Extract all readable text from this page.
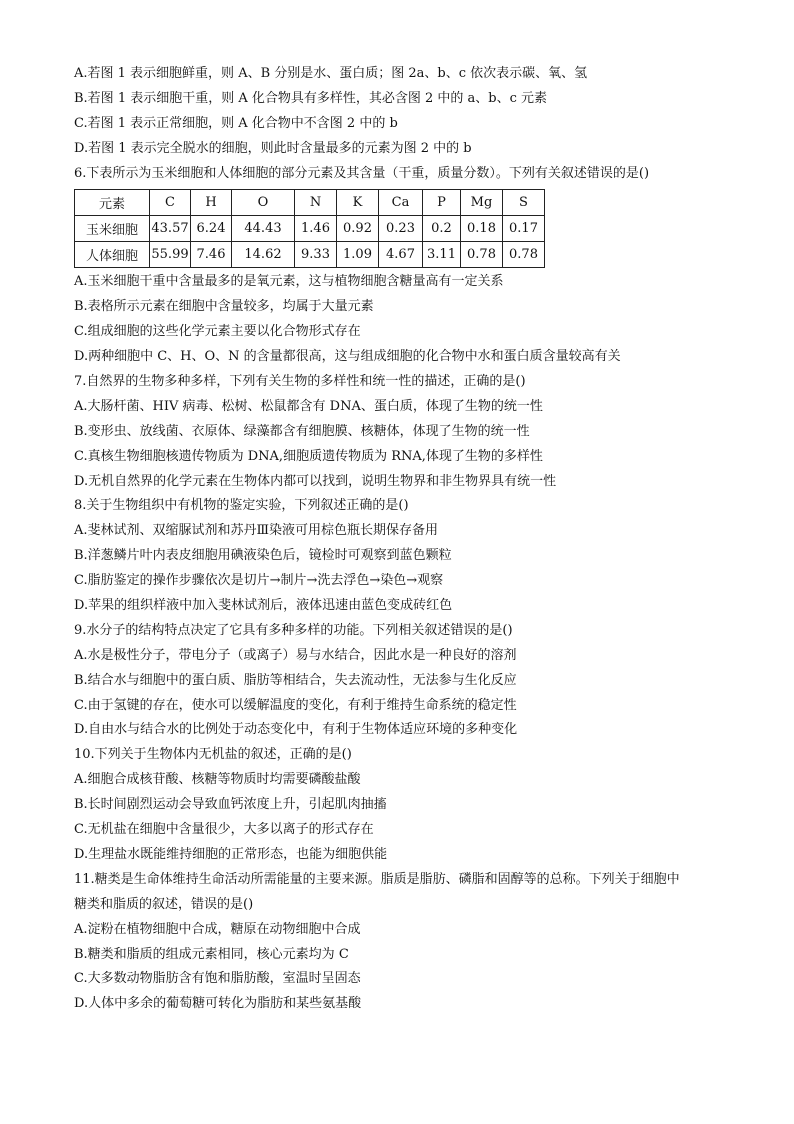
A.若图 1 表示细胞鲜重，则 A、B 分别是水、蛋白质；图 2a、b、c 依次表示碳、氧、氢
B.若图 1 表示细胞干重，则 A 化合物具有多样性，其必含图 2 中的 a、b、c 元素
C.若图 1 表示正常细胞，则 A 化合物中不含图 2 中的 b
D.若图 1 表示完全脱水的细胞，则此时含量最多的元素为图 2 中的 b
6.下表所示为玉米细胞和人体细胞的部分元素及其含量（干重，质量分数）。下列有关叙述错误的是()
元素	C	H	O	N	K	Ca	P	Mg	S
玉米细胞	43.57	6.24	44.43	1.46	0.92	0.23	0.2	0.18	0.17
人体细胞	55.99	7.46	14.62	9.33	1.09	4.67	3.11	0.78	0.78
A.玉米细胞干重中含量最多的是氧元素，这与植物细胞含糖量高有一定关系
B.表格所示元素在细胞中含量较多，均属于大量元素
C.组成细胞的这些化学元素主要以化合物形式存在
D.两种细胞中 C、H、O、N 的含量都很高，这与组成细胞的化合物中水和蛋白质含量较高有关
7.自然界的生物多种多样，下列有关生物的多样性和统一性的描述，正确的是()
A.大肠杆菌、HIV 病毒、松树、松鼠都含有 DNA、蛋白质，体现了生物的统一性
B.变形虫、放线菌、衣原体、绿藻都含有细胞膜、核糖体，体现了生物的统一性
C.真核生物细胞核遗传物质为 DNA,细胞质遗传物质为 RNA,体现了生物的多样性
D.无机自然界的化学元素在生物体内都可以找到，说明生物界和非生物界具有统一性
8.关于生物组织中有机物的鉴定实验，下列叙述正确的是()
A.斐林试剂、双缩脲试剂和苏丹Ⅲ染液可用棕色瓶长期保存备用
B.洋葱鳞片叶内表皮细胞用碘液染色后，镜检时可观察到蓝色颗粒
C.脂肪鉴定的操作步骤依次是切片→制片→洗去浮色→染色→观察
D.苹果的组织样液中加入斐林试剂后，液体迅速由蓝色变成砖红色
9.水分子的结构特点决定了它具有多种多样的功能。下列相关叙述错误的是()
A.水是极性分子，带电分子（或离子）易与水结合，因此水是一种良好的溶剂
B.结合水与细胞中的蛋白质、脂肪等相结合，失去流动性，无法参与生化反应
C.由于氢键的存在，使水可以缓解温度的变化，有利于维持生命系统的稳定性
D.自由水与结合水的比例处于动态变化中，有利于生物体适应环境的多种变化
10.下列关于生物体内无机盐的叙述，正确的是()
A.细胞合成核苷酸、核糖等物质时均需要磷酸盐酸
B.长时间剧烈运动会导致血钙浓度上升，引起肌肉抽搐
C.无机盐在细胞中含量很少，大多以离子的形式存在
D.生理盐水既能维持细胞的正常形态，也能为细胞供能
11.糖类是生命体维持生命活动所需能量的主要来源。脂质是脂肪、磷脂和固醇等的总称。下列关于细胞中
糖类和脂质的叙述，错误的是()
A.淀粉在植物细胞中合成，糖原在动物细胞中合成
B.糖类和脂质的组成元素相同，核心元素均为 C
C.大多数动物脂肪含有饱和脂肪酸，室温时呈固态
D.人体中多余的葡萄糖可转化为脂肪和某些氨基酸
